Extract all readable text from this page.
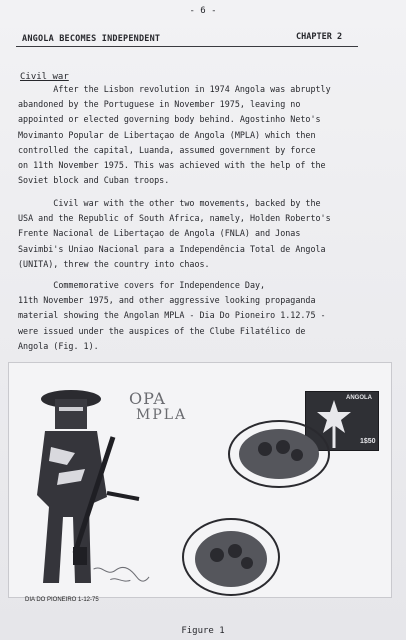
- 6 -
ANGOLA BECOMES INDEPENDENT	CHAPTER 2
Civil war

After the Lisbon revolution in 1974 Angola was abruptly
abandoned by the Portuguese in November 1975, leaving no
appointed or elected governing body behind. Agostinho Neto's
Movimanto Popular de Libertaçao de Angola (MPLA) which then
controlled the capital, Luanda, assumed government by force
on 11th November 1975. This was achieved with the help of the
Soviet block and Cuban troops.

Civil war with the other two movements, backed by the
USA and the Republic of South Africa, namely, Holden Roberto's
Frente Nacional de Libertaçao de Angola (FNLA) and Jonas
Savimbi's Uniao Nacional para a Independência Total de Angola
(UNITA), threw the country into chaos.

Commemorative covers for Independence Day,
11th November 1975, and other aggressive looking propaganda
material showing the Angolan MPLA - Dia Do Pioneiro 1.12.75 -
were issued under the auspices of the Clube Filatélico de
Angola (Fig. 1).

OPA
MPLA
ANGOLA
1$50
DIA DO PIONEIRO 1-12-75
Figure 1
